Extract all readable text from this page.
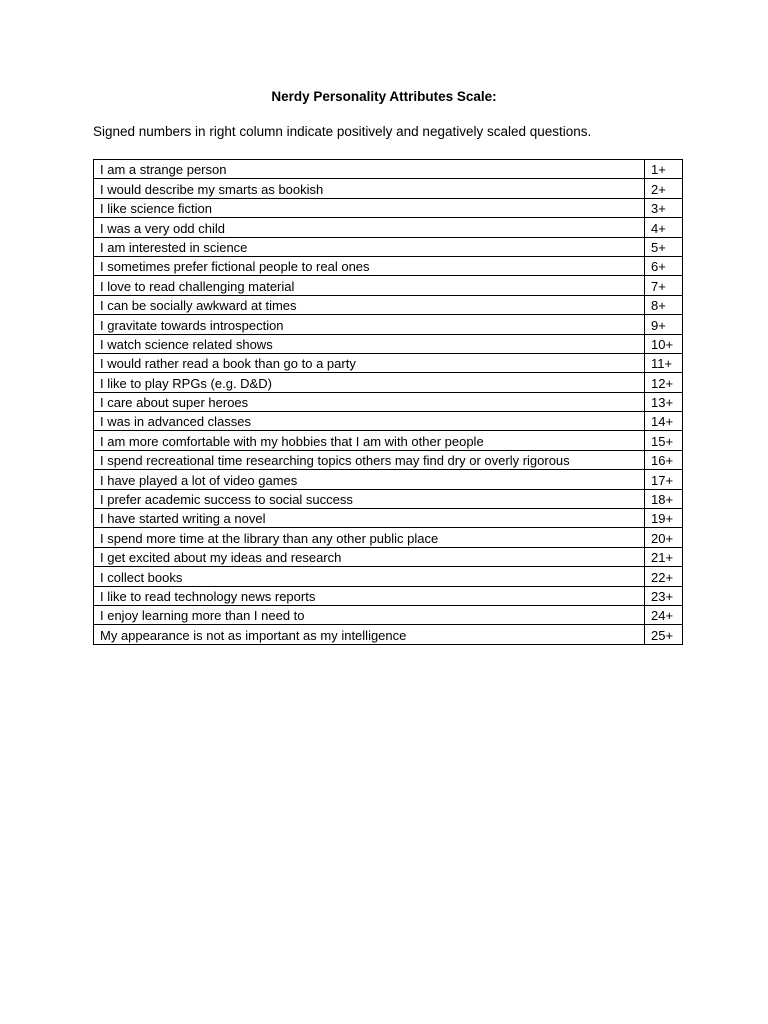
Nerdy Personality Attributes Scale:
Signed numbers in right column indicate positively and negatively scaled questions.
I am a strange person	1+
I would describe my smarts as bookish	2+
I like science fiction	3+
I was a very odd child	4+
I am interested in science	5+
I sometimes prefer fictional people to real ones	6+
I love to read challenging material	7+
I can be socially awkward at times	8+
I gravitate towards introspection	9+
I watch science related shows	10+
I would rather read a book than go to a party	11+
I like to play RPGs (e.g. D&D)	12+
I care about super heroes	13+
I was in advanced classes	14+
I am more comfortable with my hobbies that I am with other people	15+
I spend recreational time researching topics others may find dry or overly rigorous	16+
I have played a lot of video games	17+
I prefer academic success to social success	18+
I have started writing a novel	19+
I spend more time at the library than any other public place	20+
I get excited about my ideas and research	21+
I collect books	22+
I like to read technology news reports	23+
I enjoy learning more than I need to	24+
My appearance is not as important as my intelligence	25+
